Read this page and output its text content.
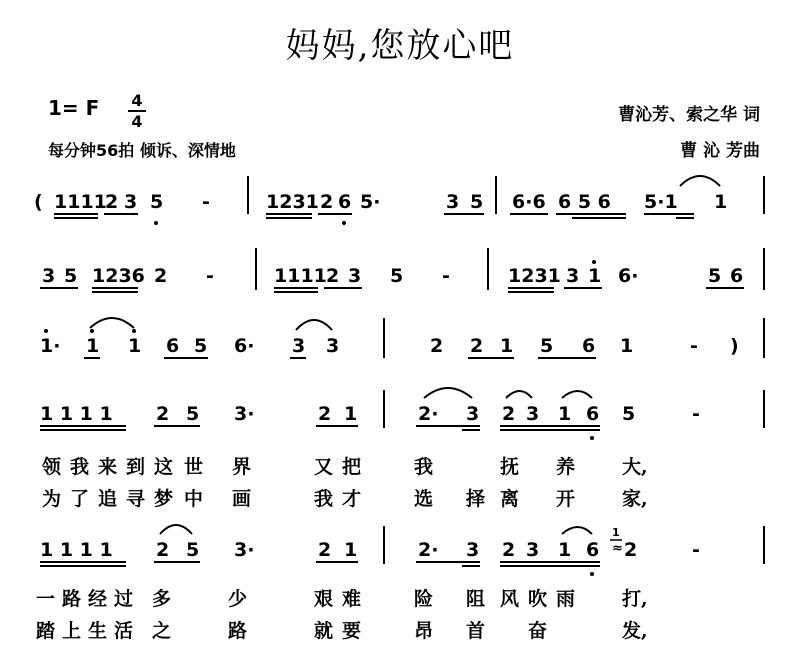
妈妈,您放心吧
1= F 4
4
每分钟56拍 倾诉、深情地
曹沁芳、索之华 词
曹 沁 芳曲
( 1111
2 3 5 -	1231 2 6 5·	3 5 6·6 6 5 6 5·1 1
3 5 1236 2 -	1111 2 3 5 -	1231 3 1 6·	5 6
1· 1 1 6 5 6· 3 3	2 2 1 5 6 1	- )
1 1 1 1 2 5 3·	2 1	2· 3 2 3 1 6 5	-
1 1 1 1 2 5 3·	2 1	2· 3 2 3 1 6
1
≈ 2	-
领 我 来 到 这 世 界	又 把	我	抚 养 大,
为 了 追 寻 梦 中 画	我 才	选 择 离 开 家,
一 路 经 过 多	少	艰 难	险 阻 风 吹 雨 打,
踏 上 生 活 之	路	就 要	昂 首 奋	发,
